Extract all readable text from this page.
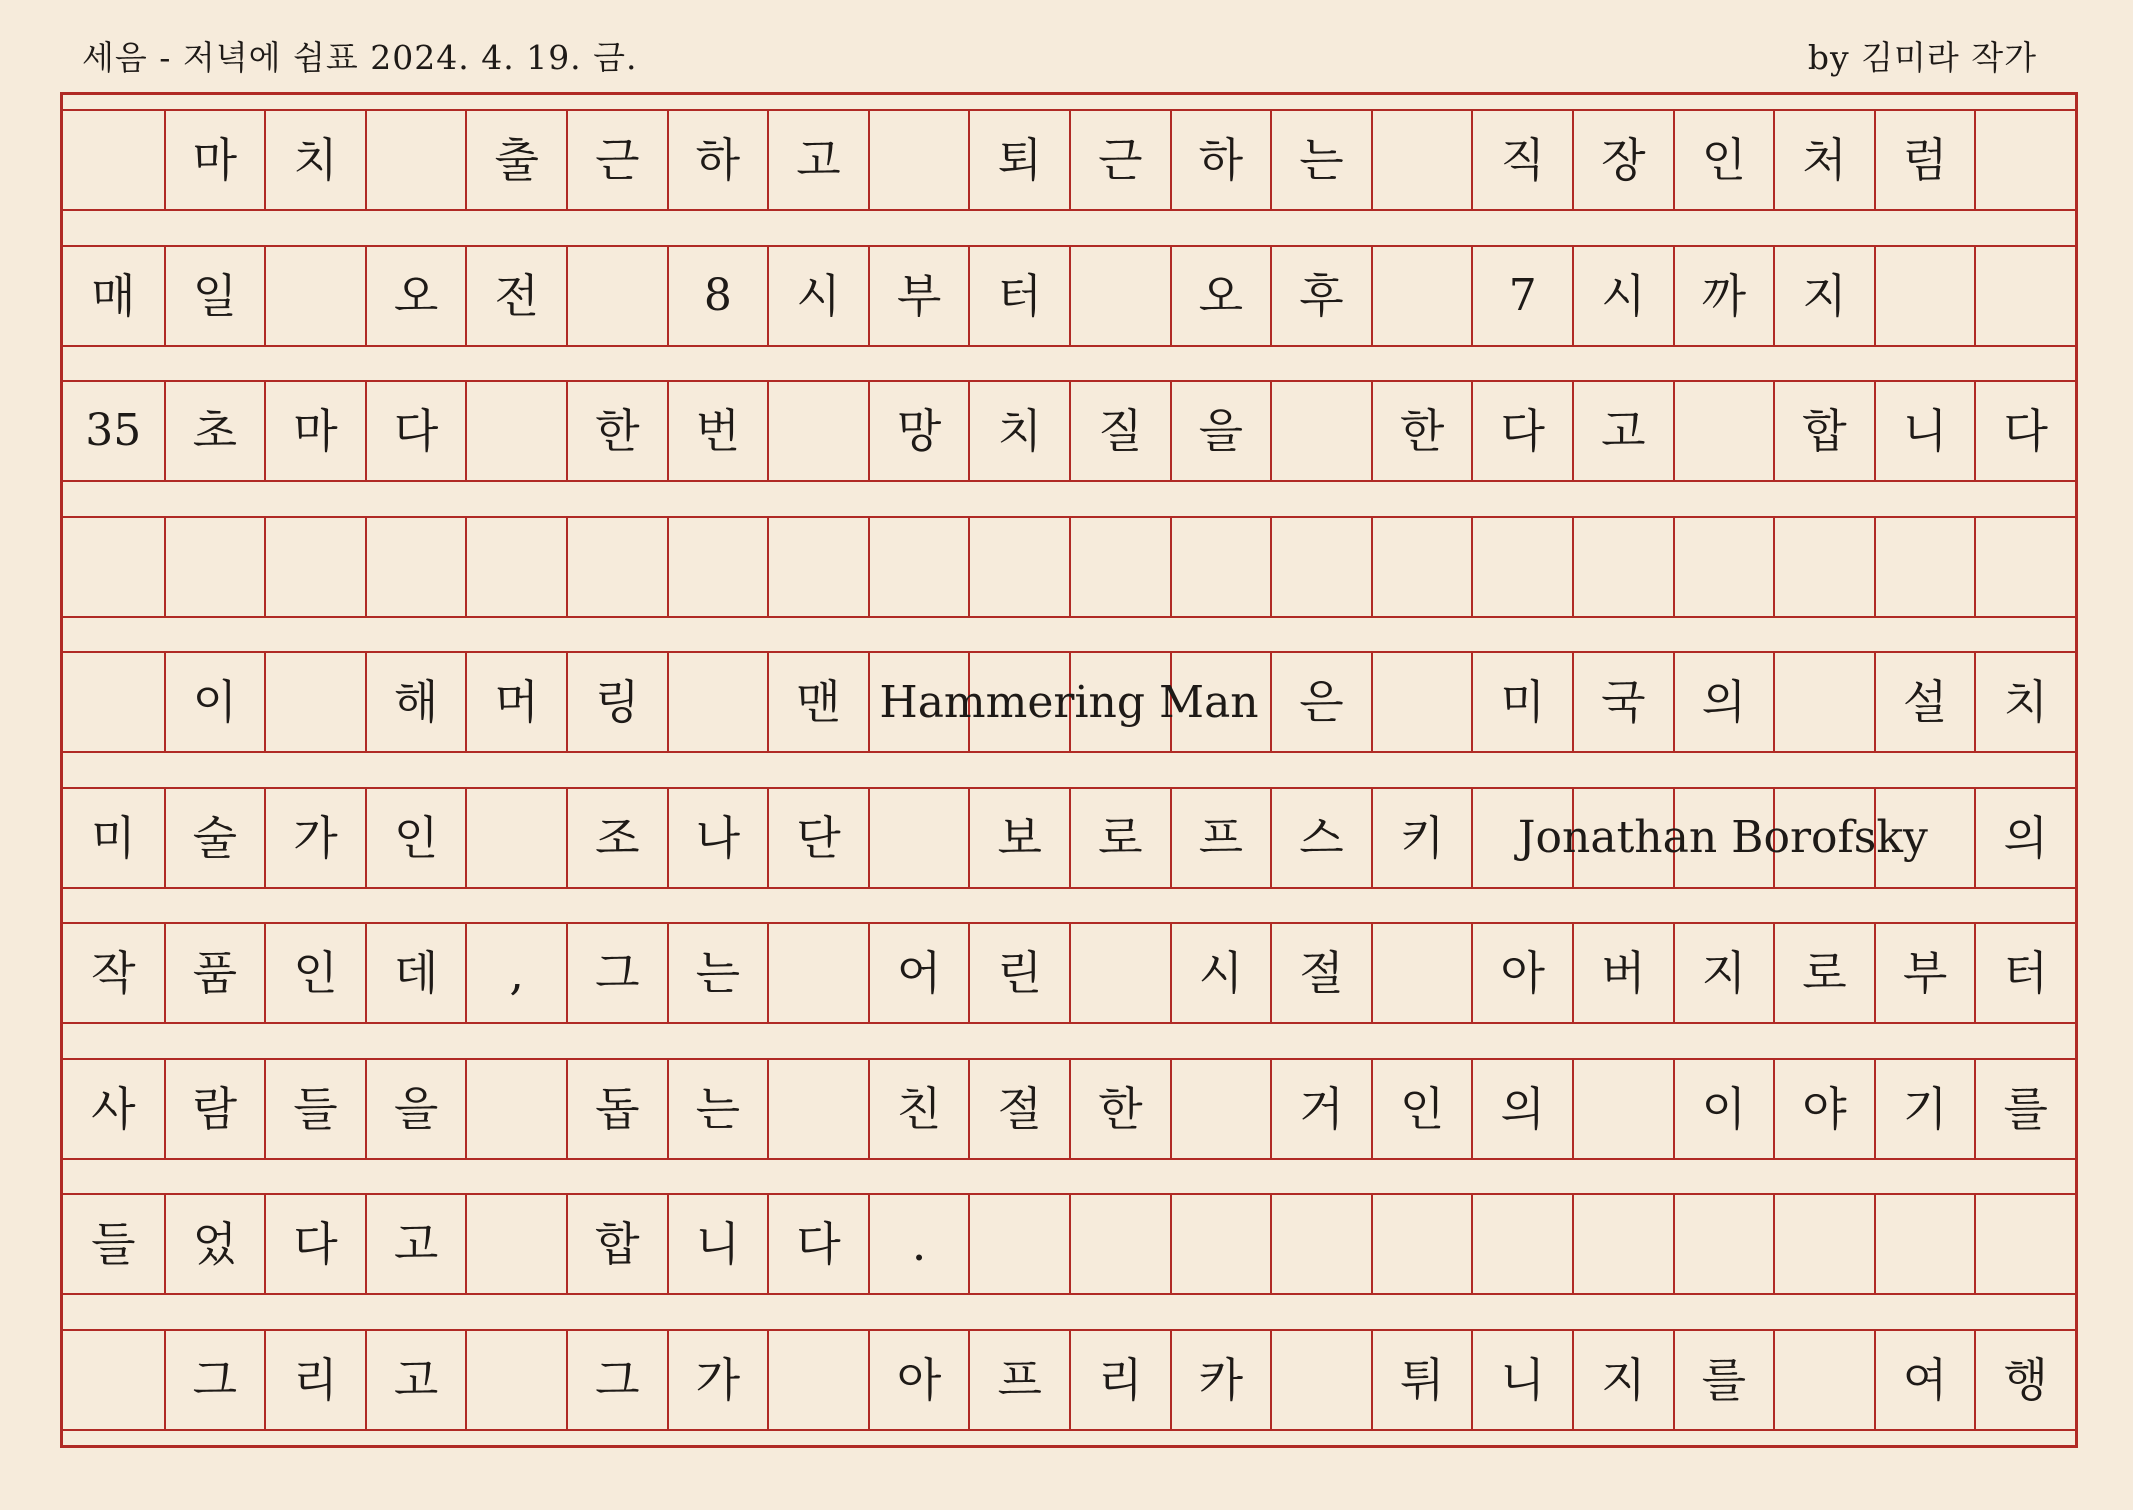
세음 - 저녁에 쉼표 2024. 4. 19. 금.	by 김미라 작가
마	치	출	근	하	고	퇴	근	하	는	직	장	인	처	럼
매	일	오	전	8	시	부	터	오	후	7	시	까	지
35	초	마	다	한	번	망	치	질	을	한	다	고	합	니	다
이	해	머	링	맨	은	미	국	의	설	치
Hammering Man
미	술	가	인	조	나	단	보	로	프	스	키	의
Jonathan Borofsky
작	품	인	데	,	그	는	어	린	시	절	아	버	지	로	부	터
사	람	들	을	돕	는	친	절	한	거	인	의	이	야	기	를
들	었	다	고	합	니	다	.
그	리	고	그	가	아	프	리	카	튀	니	지	를	여	행
